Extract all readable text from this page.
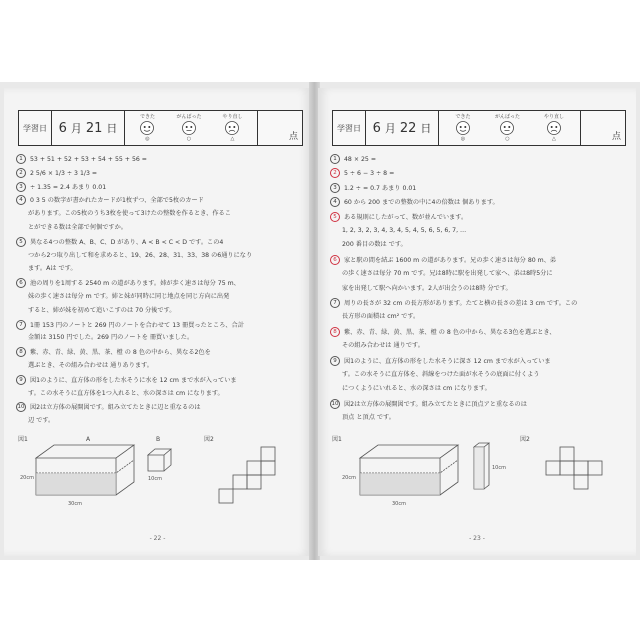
学習日 6 月 21 日
できた
◎
がんばった
○
やり直し
△	点
1 53 + 51 + 52 + 53 + 54 + 55 + 56 =
2 2 5/6 × 1/3 ÷ 3 1/3 =
3 ÷ 1.35 = 2.4 あまり 0.01
4 0 3 5 の数字が書かれたカードが1枚ずつ、全部で5枚のカード
があります。この5枚のうち3枚を使って3けたの整数を作るとき、作るこ
とができる数は全部で何個ですか。
5 異なる4つの整数 A、B、C、D があり、A < B < C < D です。この4
つから2つ取り出して和を求めると、19、26、28、31、33、38 の6通りになり
ます。Aは です。
6 池の周りを1周する 2540 m の道があります。姉が歩く速さは毎分 75 m、
妹の歩く速さは毎分 m です。姉と妹が同時に同じ地点を同じ方向に出発
すると、姉が妹を初めて追いこすのは 70 分後です。
7 1冊 153 円のノートと 269 円のノートを合わせて 13 冊買ったところ、合計
金額は 3150 円でした。269 円のノートを 冊買いました。
8 紫、赤、青、緑、黄、黒、茶、橙 の 8 色の中から、異なる2色を
選ぶとき、その組み合わせは 通りあります。
9 図1のように、直方体の形をした水そうに水を 12 cm まで水が入っていま
す。この水そうに直方体を1つ入れると、水の深さは cm になります。
10 図2は立方体の展開図です。組み立てたときに辺と重なるのは
辺 です。
図1	A
30cm
20cm
B
10cm
図2
- 22 -
学習日 6 月 22 日
できた
◎
がんばった
○
やり直し
△	点
1 48 × 25 =
2 5 ÷ 6 − 3 ÷ 8 =
3 1.2 ÷ = 0.7 あまり 0.01
4 60 から 200 までの整数の中に4の倍数は 個あります。
5 ある規則にしたがって、数が並んでいます。
1, 2, 3, 2, 3, 4, 3, 4, 5, 4, 5, 6, 5, 6, 7, …
200 番目の数は です。
6 家と駅の間を結ぶ 1600 m の道があります。兄の歩く速さは毎分 80 m、弟
の歩く速さは毎分 70 m です。兄は8時に駅を出発して家へ、弟は8時5分に
家を出発して駅へ向かいます。2人が出会うのは8時 分です。
7 周りの長さが 32 cm の長方形があります。たてと横の長さの差は 3 cm です。この
長方形の面積は cm² です。
8 紫、赤、青、緑、黄、黒、茶、橙 の 8 色の中から、異なる3色を選ぶとき、
その組み合わせは 通りです。
9 図1のように、直方体の形をした水そうに深さ 12 cm まで水が入っていま
す。この水そうに直方体を、斜線をつけた面が水そうの底面に付くよう
につくようにいれると、水の深さは cm になります。
10 図2は立方体の展開図です。組み立てたときに頂点アと重なるのは
頂点 と頂点 です。
図1
30cm
20cm
10cm
図2
- 23 -
